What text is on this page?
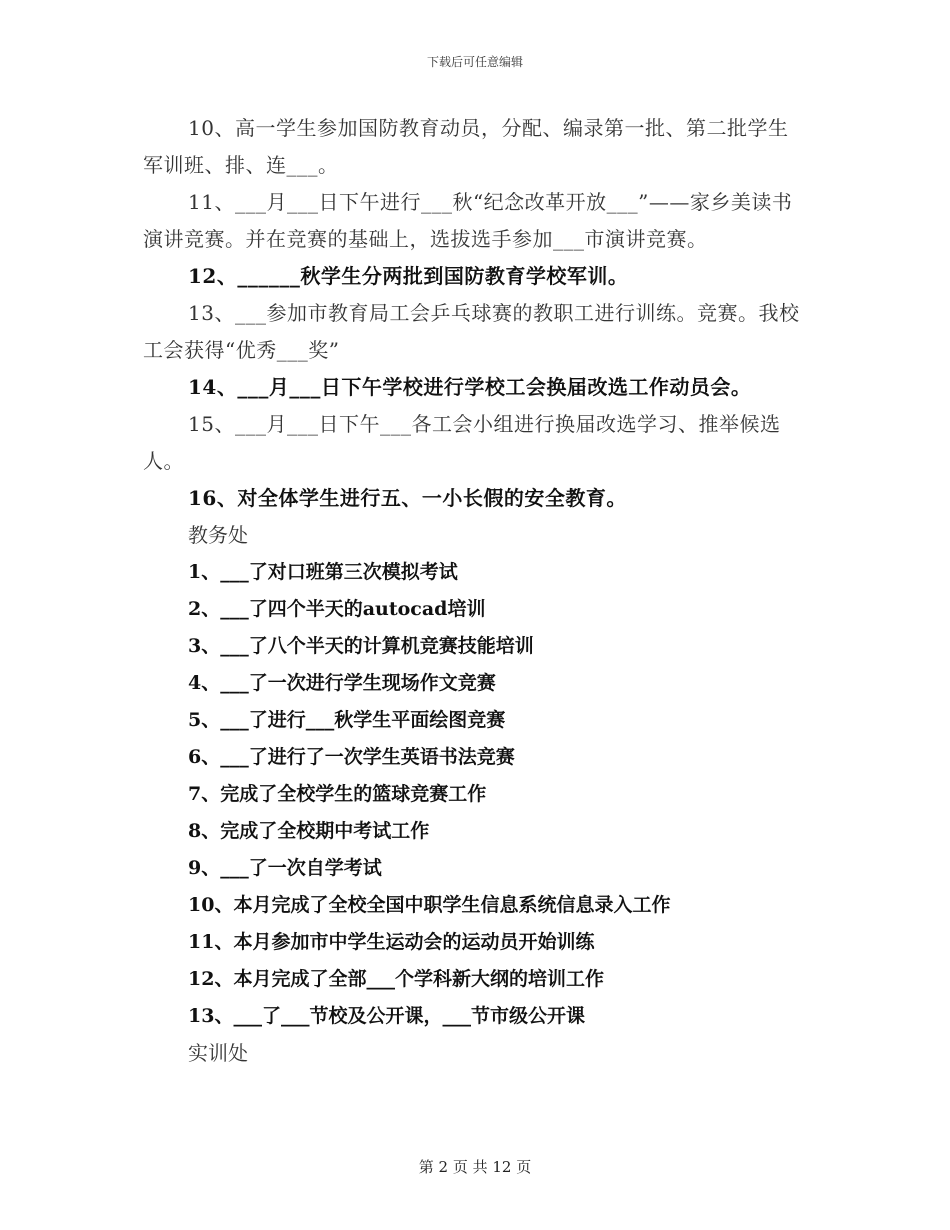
下载后可任意编辑

10、高一学生参加国防教育动员，分配、编录第一批、第二批学生军训班、排、连___。

11、___月___日下午进行___秋“纪念改革开放___”——家乡美读书演讲竞赛。并在竞赛的基础上，选拔选手参加___市演讲竞赛。

12、______秋学生分两批到国防教育学校军训。

13、___参加市教育局工会乒乓球赛的教职工进行训练。竞赛。我校工会获得“优秀___奖”

14、___月___日下午学校进行学校工会换届改选工作动员会。

15、___月___日下午___各工会小组进行换届改选学习、推举候选人。

16、对全体学生进行五、一小长假的安全教育。

教务处

1、___了对口班第三次模拟考试

2、___了四个半天的autocad培训

3、___了八个半天的计算机竞赛技能培训

4、___了一次进行学生现场作文竞赛

5、___了进行___秋学生平面绘图竞赛

6、___了进行了一次学生英语书法竞赛

7、完成了全校学生的篮球竞赛工作

8、完成了全校期中考试工作

9、___了一次自学考试

10、本月完成了全校全国中职学生信息系统信息录入工作

11、本月参加市中学生运动会的运动员开始训练

12、本月完成了全部___个学科新大纲的培训工作

13、___了___节校及公开课，___节市级公开课

实训处

第 2 页 共 12 页
